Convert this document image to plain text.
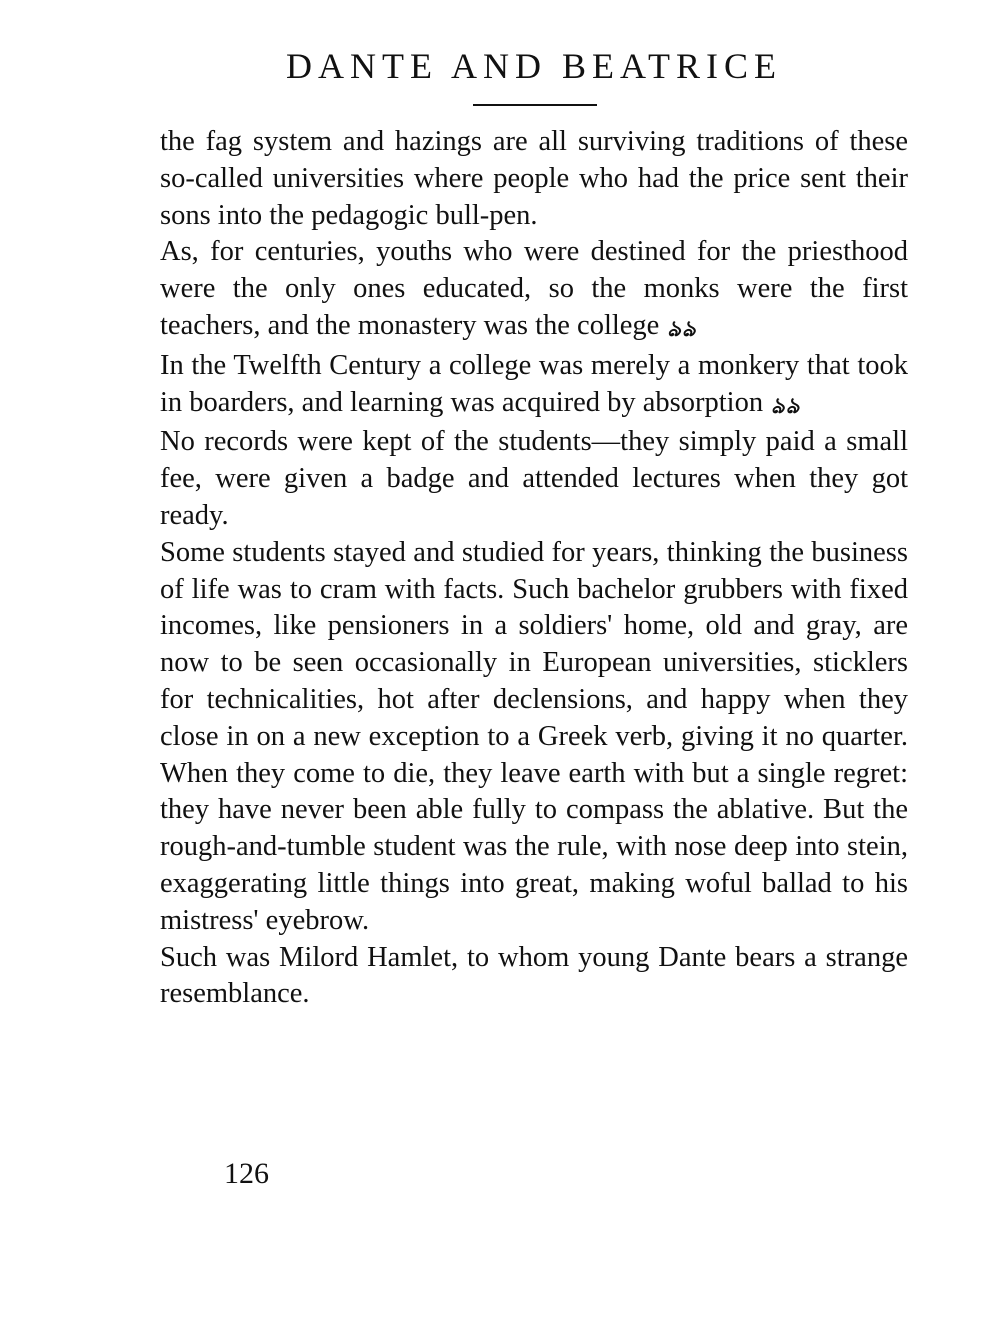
DANTE AND BEATRICE

the fag system and hazings are all surviving traditions of these so-called universities where people who had the price sent their sons into the pedagogic bull-pen.

As, for centuries, youths who were destined for the priesthood were the only ones educated, so the monks were the first teachers, and the monastery was the college ঌ ঌ

In the Twelfth Century a college was merely a monkery that took in boarders, and learning was acquired by absorption ঌ ঌ

No records were kept of the students—they simply paid a small fee, were given a badge and attended lectures when they got ready.

Some students stayed and studied for years, thinking the business of life was to cram with facts. Such bachelor grubbers with fixed incomes, like pensioners in a soldiers' home, old and gray, are now to be seen occasionally in European universities, sticklers for technicalities, hot after declensions, and happy when they close in on a new exception to a Greek verb, giving it no quarter. When they come to die, they leave earth with but a single regret: they have never been able fully to compass the ablative. But the rough-and-tumble student was the rule, with nose deep into stein, exaggerating little things into great, making woful ballad to his mistress' eyebrow.

Such was Milord Hamlet, to whom young Dante bears a strange resemblance.

126
